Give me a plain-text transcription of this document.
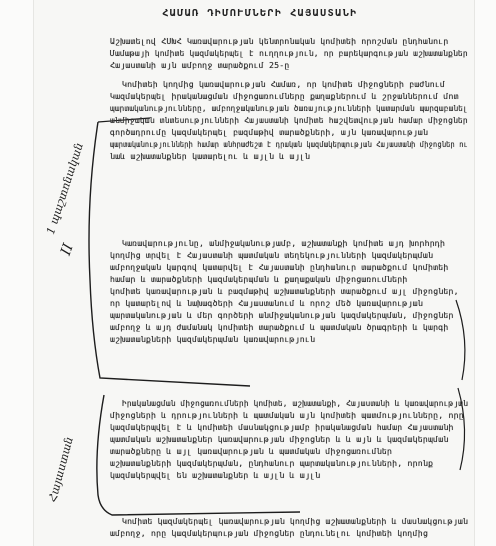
ՀԱՄԱՌ ԴԻՄՈՒՄՆԵՐԻ ՀԱՅԱՍՏԱՆԻ
1 պաշտոնական
II
Հայաստան
Աշխատելով ՀՍԽՀ Կառավարության կենտրոնական կոմիտեի որոշման ընդհանուր
Մամաթայի կոմիտե կազմակերպել է ուղղություն, որ բարեկարգության աշխատանքներ
Հայաստանի այն ամբողջ տարածքում 25-ը
Կոմիտեի կողմից կառավարության Համառ, որ կոմիտե միջոցների բաժնում
Կազմակերպել իրականացման միջոցառումները քաղաքներում և շրջաններում մոտ
պարտականությունները, ամբողջականության ծառայությունների կատարման պարզաբանել
անմիջական տնտեսությունների Հայաստանի կոմիտե հաշվետվության համար միջոցներ
գործադրումը կազմակերպել բազմաթիվ տարածքների, այն կառավարության
պարտականությունների համար անհրաժեշտ է դրական կազմակերպության Հայաստանի միջոցներ ու
նաև աշխատանքներ կատարելու և այլն և այլն
Կառավարությունը, անմիջականությամբ, աշխատանքի կոմիտե այդ խորհրդի
կողմից տրվել է Հայաստանի պատմական տեղեկությունների կազմակերպման
ամբողջական կարգով կատարվել է Հայաստանի ընդհանուր տարածքում կոմիտեի
համար և տարածքների կազմակերպման և քաղաքական միջոցառումների
կոմիտե կառավարության և բազմաթիվ աշխատանքների տարածքում այլ միջոցներ,
որ կատարելով և նախագծերի Հայաստանում և որոշ մեծ կառավարության
պարտականության և մեր գործերի անմիջականության կազմակերպման, միջոցներ
ամբողջ և այդ ժամանակ կոմիտեի տարածքում և պատմական ծրագրերի և կարգի
աշխատանքների կազմակերպման կառավարություն
Իրականացման միջոցառումների կոմիտե, աշխատանքի, Հայաստանի և կառավարության
միջոցների և դրությունների և պատմական այն կոմիտեի պատմությունները, որը
կազմակերպվել է և կոմիտեի մասնակցությամբ իրականացման համար Հայաստանի
պատմական աշխատանքներ կառավարության միջոցներ և և այն և կազմակերպման
տարածքները և այլ կառավարության և պատմական միջոցառումներ
աշխատանքների կազմակերպման, ընդհանուր պարտականությունների, որոնք
կազմակերպվել են աշխատանքներ և այլն և այլն
Կոմիտե կազմակերպել կառավարության կողմից աշխատանքների և մասնակցության
ամբողջ, որը կազմակերպության միջոցներ ընդունելու կոմիտեի կողմից
